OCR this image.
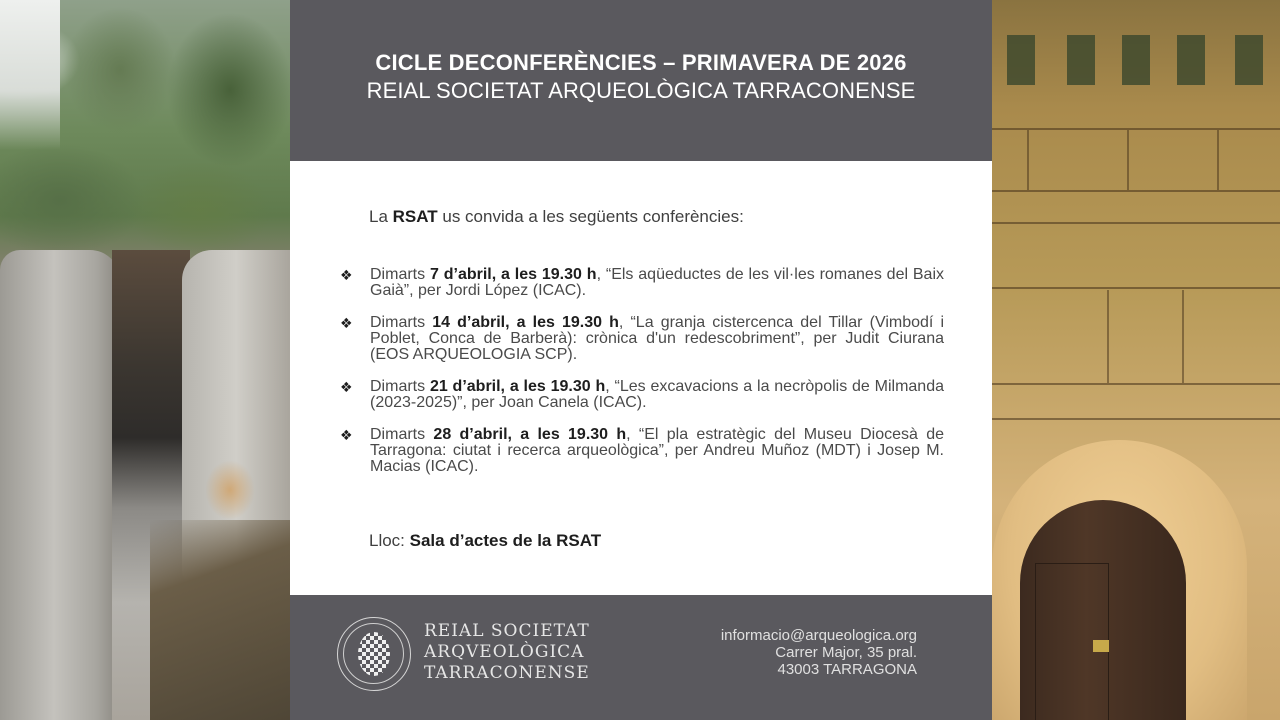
CICLE DECONFERÈNCIES – PRIMAVERA DE 2026
REIAL SOCIETAT ARQUEOLÒGICA TARRACONENSE
La RSAT us convida a les següents conferències:
❖ Dimarts 7 d’abril, a les 19.30 h, “Els aqüeductes de les vil·les romanes del Baix Gaià”, per Jordi López (ICAC).
❖ Dimarts 14 d’abril, a les 19.30 h, “La granja cistercenca del Tillar (Vimbodí i Poblet, Conca de Barberà): crònica d'un redescobriment”, per Judit Ciurana (EOS ARQUEOLOGIA SCP).
❖ Dimarts 21 d’abril, a les 19.30 h, “Les excavacions a la necròpolis de Milmanda (2023-2025)”, per Joan Canela (ICAC).
❖ Dimarts 28 d’abril, a les 19.30 h, “El pla estratègic del Museu Diocesà de Tarragona: ciutat i recerca arqueològica”, per Andreu Muñoz (MDT) i Josep M. Macias (ICAC).
Lloc: Sala d’actes de la RSAT
REIAL SOCIETAT
ARQVEOLÒGICA
TARRACONENSE
informacio@arqueologica.org
Carrer Major, 35 pral.
43003 TARRAGONA
